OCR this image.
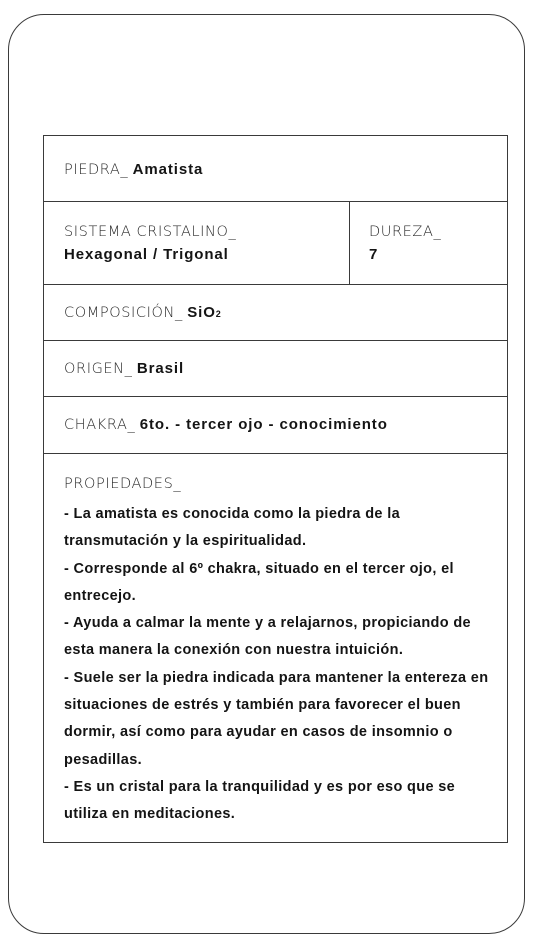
PIEDRA_ Amatista
SISTEMA CRISTALINO_
Hexagonal / Trigonal
DUREZA_
7
COMPOSICIÓN_ SiO2
ORIGEN_ Brasil
CHAKRA_ 6to. - tercer ojo - conocimiento
PROPIEDADES_
- La amatista es conocida como la piedra de la transmutación y la espiritualidad.
- Corresponde al 6º chakra, situado en el tercer ojo, el entrecejo.
- Ayuda a calmar la mente y a relajarnos, propiciando de esta manera la conexión con nuestra intuición.
- Suele ser la piedra indicada para mantener la entereza en situaciones de estrés y también para favorecer el buen dormir, así como para ayudar en casos de insomnio o pesadillas.
- Es un cristal para la tranquilidad y es por eso que se utiliza en meditaciones.
